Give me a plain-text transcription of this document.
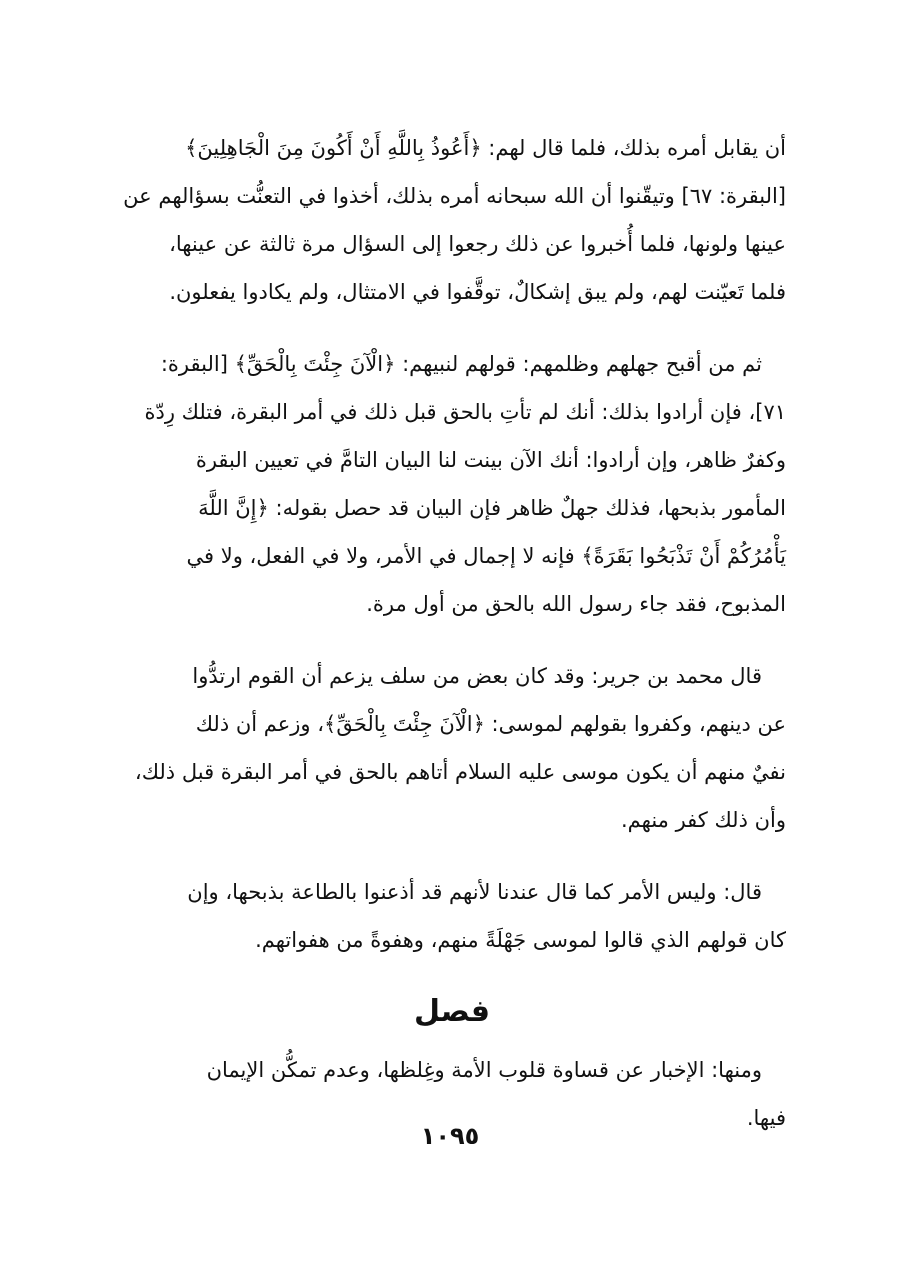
أن يقابل أمره بذلك، فلما قال لهم: ﴿أَعُوذُ بِاللَّهِ أَنْ أَكُونَ مِنَ الْجَاهِلِينَ﴾
[البقرة: ٦٧] وتيقّنوا أن الله سبحانه أمره بذلك، أخذوا في التعنُّت بسؤالهم عن
عينها ولونها، فلما أُخبروا عن ذلك رجعوا إلى السؤال مرة ثالثة عن عينها،
فلما تَعيّنت لهم، ولم يبق إشكالٌ، توقَّفوا في الامتثال، ولم يكادوا يفعلون.

ثم من أقبح جهلهم وظلمهم: قولهم لنبيهم: ﴿الْآنَ جِئْتَ بِالْحَقِّ﴾ [البقرة:
٧١]، فإن أرادوا بذلك: أنك لم تأتِ بالحق قبل ذلك في أمر البقرة، فتلك رِدّة
وكفرٌ ظاهر، وإن أرادوا: أنك الآن بينت لنا البيان التامَّ في تعيين البقرة
المأمور بذبحها، فذلك جهلٌ ظاهر فإن البيان قد حصل بقوله: ﴿إِنَّ اللَّهَ
يَأْمُرُكُمْ أَنْ تَذْبَحُوا بَقَرَةً﴾ فإنه لا إجمال في الأمر، ولا في الفعل، ولا في
المذبوح، فقد جاء رسول الله بالحق من أول مرة.

قال محمد بن جرير: وقد كان بعض من سلف يزعم أن القوم ارتدُّوا
عن دينهم، وكفروا بقولهم لموسى: ﴿الْآنَ جِئْتَ بِالْحَقِّ﴾، وزعم أن ذلك
نفيٌ منهم أن يكون موسى عليه السلام أتاهم بالحق في أمر البقرة قبل ذلك،
وأن ذلك كفر منهم.

قال: وليس الأمر كما قال عندنا لأنهم قد أذعنوا بالطاعة بذبحها، وإن
كان قولهم الذي قالوا لموسى جَهْلَةً منهم، وهفوةً من هفواتهم.

فصل

ومنها: الإخبار عن قساوة قلوب الأمة وغِلظها، وعدم تمكُّن الإيمان
فيها.

١٠٩٥
